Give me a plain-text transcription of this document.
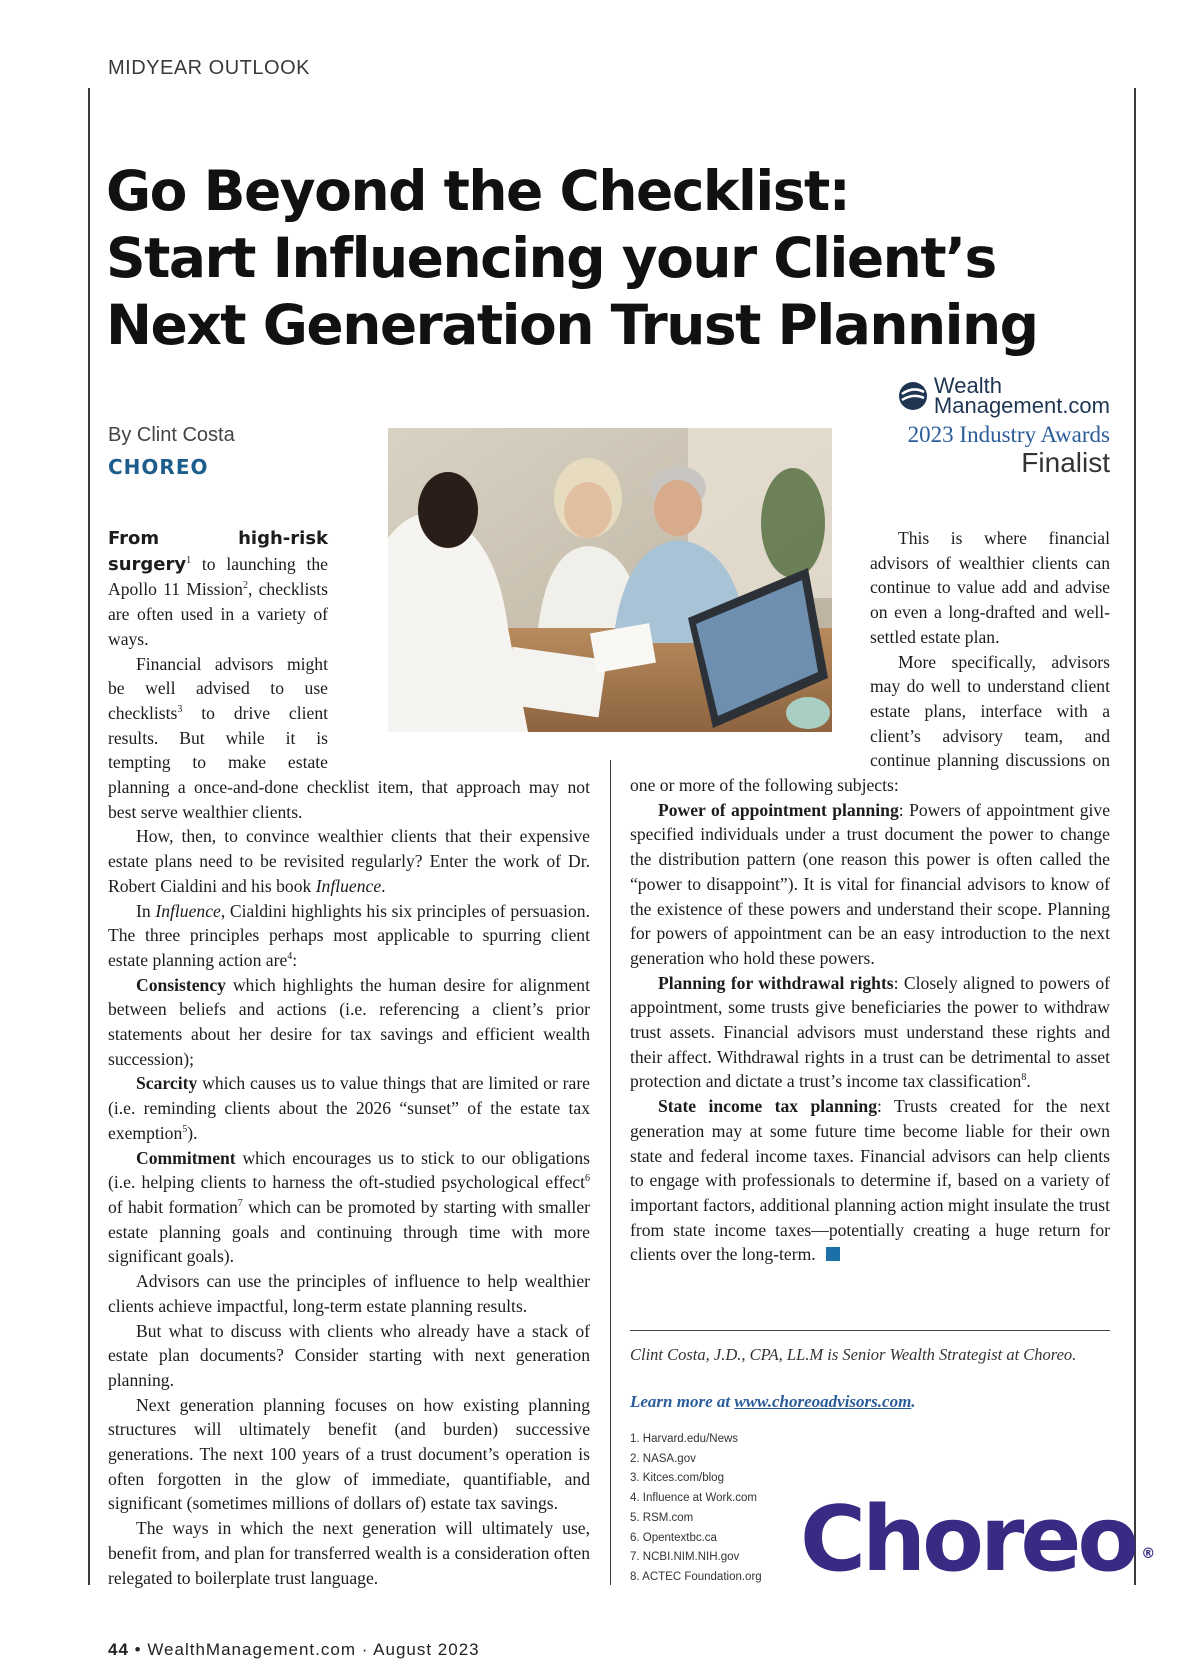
MIDYEAR OUTLOOK
Go Beyond the Checklist:
Start Influencing your Client’s
Next Generation Trust Planning
By Clint Costa
CHOREO
Wealth
Management.com
2023 Industry Awards
Finalist

From high-risk surgery$^1$ to launching the Apollo 11 Mission$^2$, checklists are often used in a variety of ways.

Financial advisors might be well advised to use checklists$^3$ to drive client results. But while it is tempting to make estate planning a once-and-done checklist item, that approach may not best serve wealthier clients.

How, then, to convince wealthier clients that their expensive estate plans need to be revisited regularly? Enter the work of Dr. Robert Cialdini and his book Influence.

In Influence, Cialdini highlights his six principles of persuasion. The three principles perhaps most applicable to spurring client estate planning action are$^4$:

Consistency which highlights the human desire for alignment between beliefs and actions (i.e. referencing a client’s prior statements about her desire for tax savings and efficient wealth succession);

Scarcity which causes us to value things that are limited or rare (i.e. reminding clients about the 2026 “sunset” of the estate tax exemption$^5$).

Commitment which encourages us to stick to our obligations (i.e. helping clients to harness the oft-studied psychological effect$^6$ of habit formation$^7$ which can be promoted by starting with smaller estate planning goals and continuing through time with more significant goals).

Advisors can use the principles of influence to help wealthier clients achieve impactful, long-term estate planning results.

But what to discuss with clients who already have a stack of estate plan documents? Consider starting with next generation planning.

Next generation planning focuses on how existing planning structures will ultimately benefit (and burden) successive generations. The next 100 years of a trust document’s operation is often forgotten in the glow of immediate, quantifiable, and significant (sometimes millions of dollars of) estate tax savings.

The ways in which the next generation will ultimately use, benefit from, and plan for transferred wealth is a consideration often relegated to boilerplate trust language.

This is where financial advisors of wealthier clients can continue to value add and advise on even a long-drafted and well-settled estate plan.

More specifically, advisors may do well to understand client estate plans, interface with a client’s advisory team, and continue planning discussions on one or more of the following subjects:

Power of appointment planning: Powers of appointment give specified individuals under a trust document the power to change the distribution pattern (one reason this power is often called the “power to disappoint”). It is vital for financial advisors to know of the existence of these powers and understand their scope. Planning for powers of appointment can be an easy introduction to the next generation who hold these powers.

Planning for withdrawal rights: Closely aligned to powers of appointment, some trusts give beneficiaries the power to withdraw trust assets. Financial advisors must understand these rights and their affect. Withdrawal rights in a trust can be detrimental to asset protection and dictate a trust’s income tax classification$^8$.

State income tax planning: Trusts created for the next generation may at some future time become liable for their own state and federal income taxes. Financial advisors can help clients to engage with professionals to determine if, based on a variety of important factors, additional planning action might insulate the trust from state income taxes—potentially creating a huge return for clients over the long-term.

Clint Costa, J.D., CPA, LL.M is Senior Wealth Strategist at Choreo.
Learn more at www.choreoadvisors.com.
1. Harvard.edu/News
2. NASA.gov
3. Kitces.com/blog
4. Influence at Work.com
5. RSM.com
6. Opentextbc.ca
7. NCBI.NIM.NIH.gov
8. ACTEC Foundation.org Choreo ®
44 • WealthManagement.com · August 2023
